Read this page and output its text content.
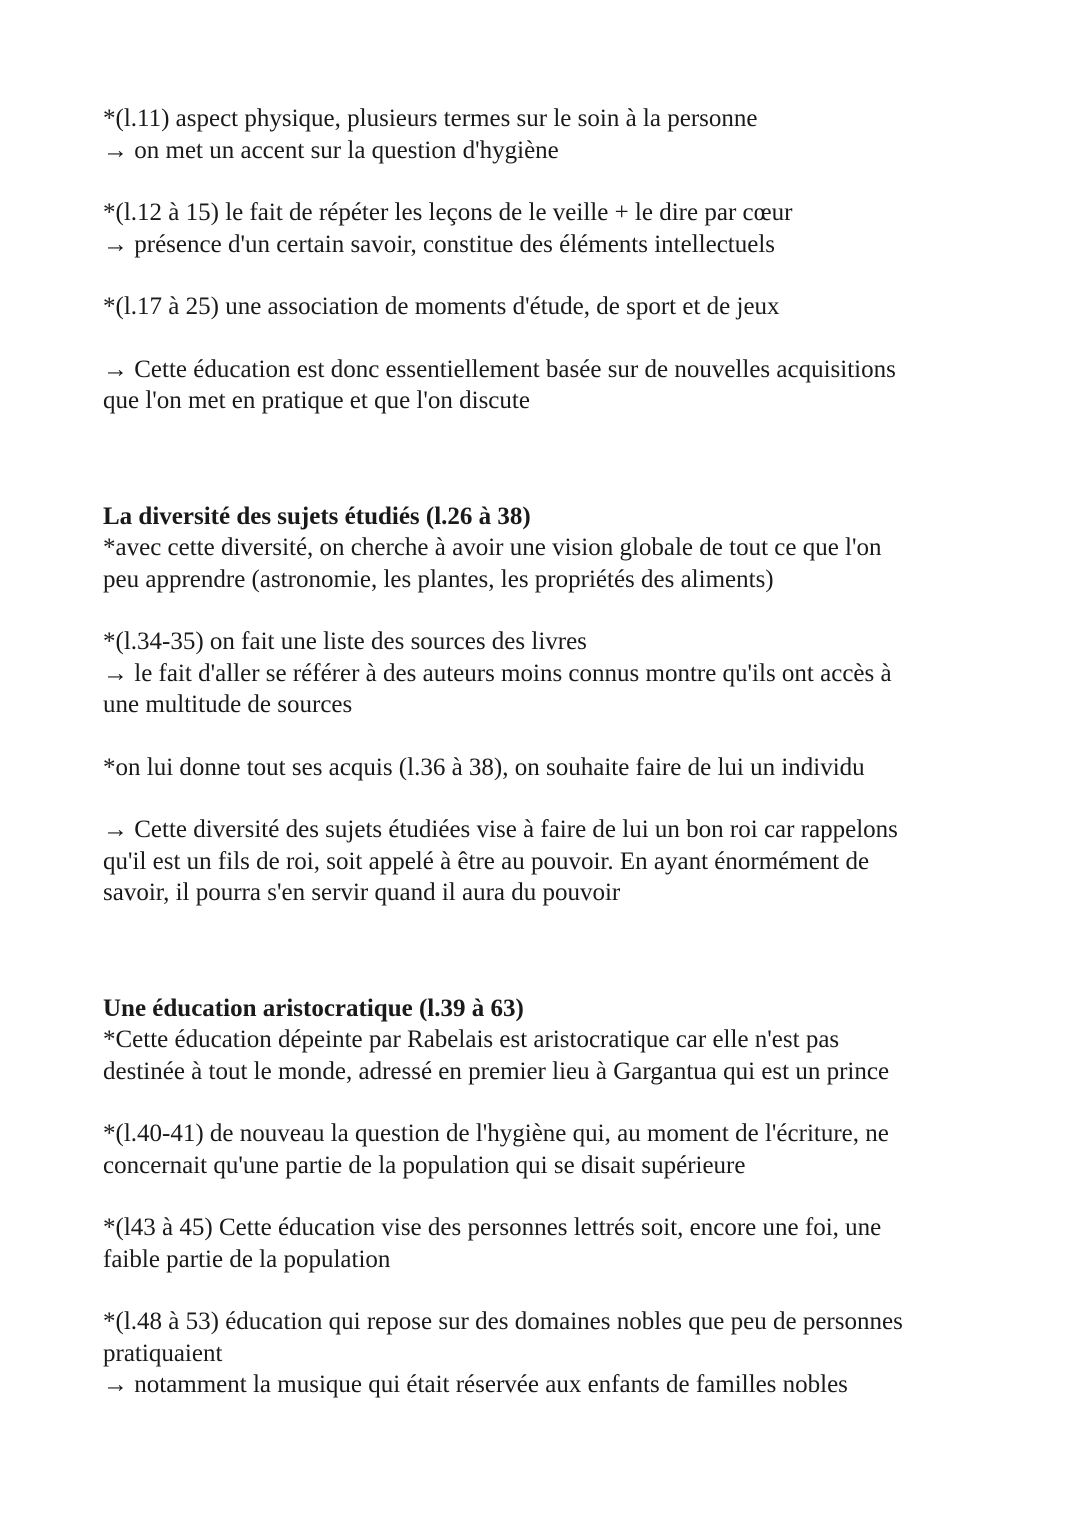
*(l.11) aspect physique, plusieurs termes sur le soin à la personne
→ on met un accent sur la question d'hygiène
*(l.12 à 15) le fait de répéter les leçons de le veille + le dire par cœur
→ présence d'un certain savoir, constitue des éléments intellectuels
*(l.17 à 25) une association de moments d'étude, de sport et de jeux
→ Cette éducation est donc essentiellement basée sur de nouvelles acquisitions
que l'on met en pratique et que l'on discute
La diversité des sujets étudiés (l.26 à 38)
*avec cette diversité, on cherche à avoir une vision globale de tout ce que l'on
peu apprendre (astronomie, les plantes, les propriétés des aliments)
*(l.34-35) on fait une liste des sources des livres
→ le fait d'aller se référer à des auteurs moins connus montre qu'ils ont accès à
une multitude de sources
*on lui donne tout ses acquis (l.36 à 38), on souhaite faire de lui un individu
→ Cette diversité des sujets étudiées vise à faire de lui un bon roi car rappelons
qu'il est un fils de roi, soit appelé à être au pouvoir. En ayant énormément de
savoir, il pourra s'en servir quand il aura du pouvoir
Une éducation aristocratique (l.39 à 63)
*Cette éducation dépeinte par Rabelais est aristocratique car elle n'est pas
destinée à tout le monde, adressé en premier lieu à Gargantua qui est un prince
*(l.40-41) de nouveau la question de l'hygiène qui, au moment de l'écriture, ne
concernait qu'une partie de la population qui se disait supérieure
*(l43 à 45) Cette éducation vise des personnes lettrés soit, encore une foi, une
faible partie de la population
*(l.48 à 53) éducation qui repose sur des domaines nobles que peu de personnes
pratiquaient
→ notamment la musique qui était réservée aux enfants de familles nobles
